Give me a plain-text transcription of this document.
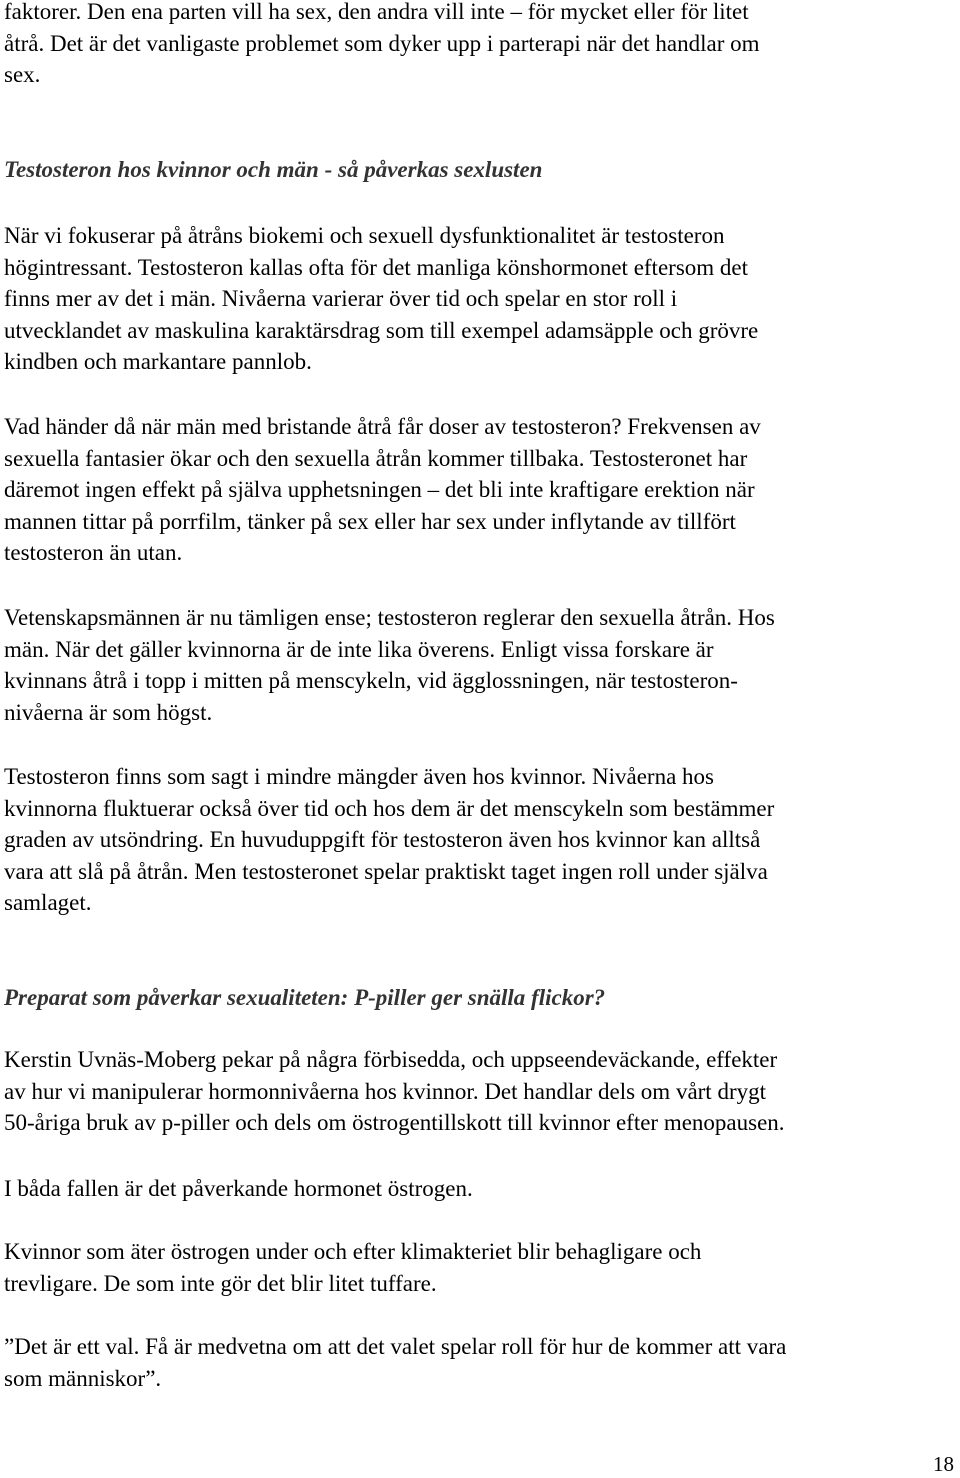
faktorer. Den ena parten vill ha sex, den andra vill inte – för mycket eller för litet
åtrå. Det är det vanligaste problemet som dyker upp i parterapi när det handlar om
sex.

Testosteron hos kvinnor och män - så påverkas sexlusten

När vi fokuserar på åtråns biokemi och sexuell dysfunktionalitet är testosteron
högintressant. Testosteron kallas ofta för det manliga könshormonet eftersom det
finns mer av det i män. Nivåerna varierar över tid och spelar en stor roll i
utvecklandet av maskulina karaktärsdrag som till exempel adamsäpple och grövre
kindben och markantare pannlob.

Vad händer då när män med bristande åtrå får doser av testosteron? Frekvensen av
sexuella fantasier ökar och den sexuella åtrån kommer tillbaka. Testosteronet har
däremot ingen effekt på själva upphetsningen – det bli inte kraftigare erektion när
mannen tittar på porrfilm, tänker på sex eller har sex under inflytande av tillfört
testosteron än utan.

Vetenskapsmännen är nu tämligen ense; testosteron reglerar den sexuella åtrån. Hos
män. När det gäller kvinnorna är de inte lika överens. Enligt vissa forskare är
kvinnans åtrå i topp i mitten på menscykeln, vid ägglossningen, när testosteron-
nivåerna är som högst.

Testosteron finns som sagt i mindre mängder även hos kvinnor. Nivåerna hos
kvinnorna fluktuerar också över tid och hos dem är det menscykeln som bestämmer
graden av utsöndring. En huvuduppgift för testosteron även hos kvinnor kan alltså
vara att slå på åtrån. Men testosteronet spelar praktiskt taget ingen roll under själva
samlaget.

Preparat som påverkar sexualiteten: P-piller ger snälla flickor?

Kerstin Uvnäs-Moberg pekar på några förbisedda, och uppseendeväckande, effekter
av hur vi manipulerar hormonnivåerna hos kvinnor. Det handlar dels om vårt drygt
50-åriga bruk av p-piller och dels om östrogentillskott till kvinnor efter menopausen.

I båda fallen är det påverkande hormonet östrogen.

Kvinnor som äter östrogen under och efter klimakteriet blir behagligare och
trevligare. De som inte gör det blir litet tuffare.

”Det är ett val. Få är medvetna om att det valet spelar roll för hur de kommer att vara
som människor”.

18
